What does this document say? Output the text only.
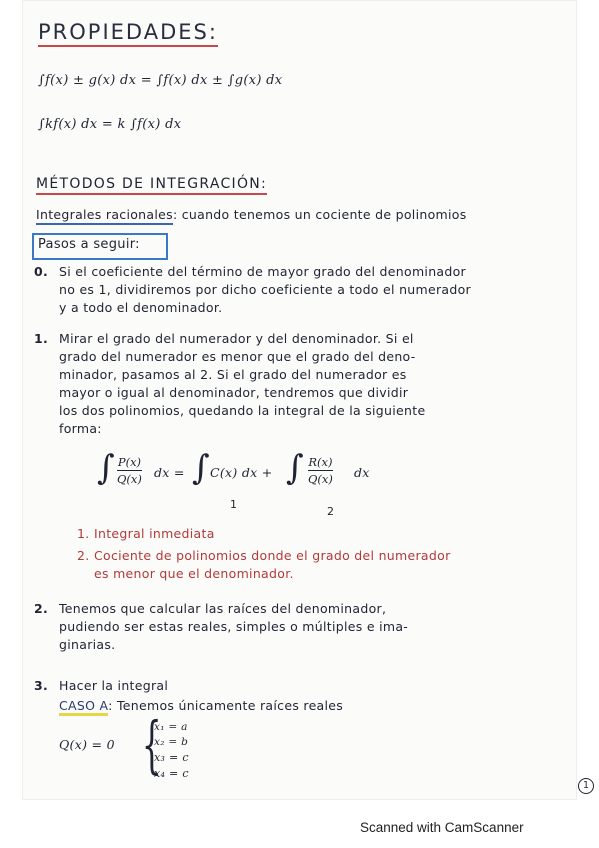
PROPIEDADES:
∫f(x) ± g(x) dx = ∫f(x) dx ± ∫g(x) dx
∫kf(x) dx = k ∫f(x) dx
MÉTODOS DE INTEGRACIÓN:
Integrales racionales: cuando tenemos un cociente de polinomios
Pasos a seguir:
0. Si el coeficiente del término de mayor grado del denominador
no es 1, dividiremos por dicho coeficiente a todo el numerador
y a todo el denominador.
1. Mirar el grado del numerador y del denominador. Si el
grado del numerador es menor que el grado del deno-
minador, pasamos al 2. Si el grado del numerador es
mayor o igual al denominador, tendremos que dividir
los dos polinomios, quedando la integral de la siguiente
forma:
∫ P(x)
Q(x) dx = ∫ C(x) dx + ∫ R(x)
Q(x) dx
1
2
1. Integral inmediata
2. Cociente de polinomios donde el grado del numerador
es menor que el denominador.
2. Tenemos que calcular las raíces del denominador,
pudiendo ser estas reales, simples o múltiples e ima-
ginarias.
3. Hacer la integral
CASO A: Tenemos únicamente raíces reales
Q(x) = 0 {
x₁ = a
x₂ = b
x₃ = c
x₄ = c
1
Scanned with CamScanner
